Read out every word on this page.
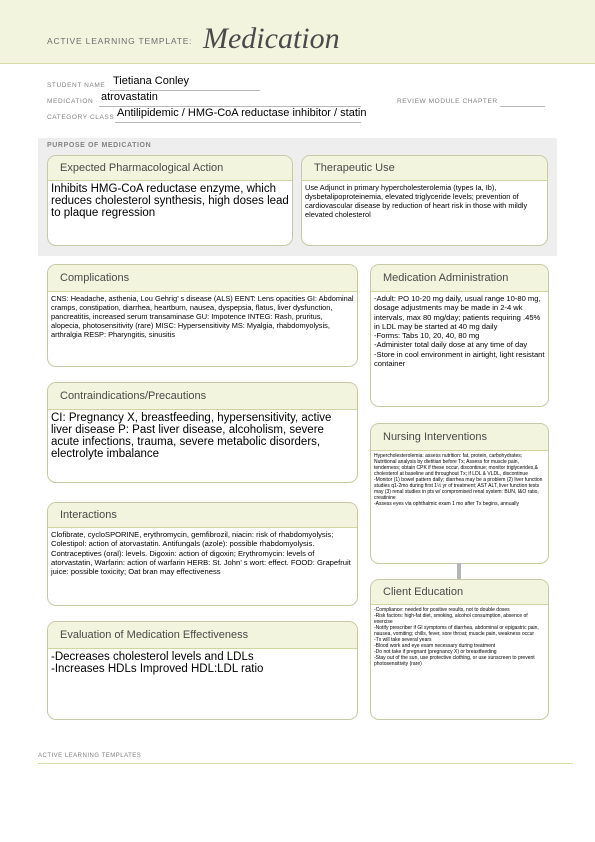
ACTIVE LEARNING TEMPLATE: Medication
STUDENT NAME Tietiana Conley
MEDICATION atrovastatin	REVIEW MODULE CHAPTER
CATEGORY CLASS Antilipidemic / HMG-CoA reductase inhibitor / statin
PURPOSE OF MEDICATION
Expected Pharmacological Action
Inhibits HMG-CoA reductase enzyme, which reduces cholesterol synthesis, high doses lead to plaque regression
Therapeutic Use
Use Adjunct in primary hypercholesterolemia (types Ia, Ib), dysbetalipoproteinemia, elevated triglyceride levels; prevention of cardiovascular disease by reduction of heart risk in those with mildly elevated cholesterol
Complications
CNS: Headache, asthenia, Lou Gehrig’ s disease (ALS) EENT: Lens opacities GI: Abdominal cramps, constipation, diarrhea, heartburn, nausea, dyspepsia, flatus, liver dysfunction, pancreatitis, increased serum transaminase GU: Impotence INTEG: Rash, pruritus, alopecia, photosensitivity (rare) MISC: Hypersensitivity MS: Myalgia, rhabdomyolysis, arthralgia RESP: Pharyngitis, sinusitis
Medication Administration
-Adult: PO 10-20 mg daily, usual range 10-80 mg, dosage adjustments may be made in 2-4 wk intervals, max 80 mg/day; patients requiring .45% in LDL may be started at 40 mg daily
-Forms: Tabs 10, 20, 40, 80 mg
-Administer total daily dose at any time of day
-Store in cool environment in airtight, light resistant container
Contraindications/Precautions
CI: Pregnancy X, breastfeeding, hypersensitivity, active liver disease P: Past liver disease, alcoholism, severe acute infections, trauma, severe metabolic disorders, electrolyte imbalance
Nursing Interventions
Hypercholesterolemia: assess nutrition: fat, protein, carbohydrates; Nutritional analysis by dietitian before Tx; Assess for muscle pain, tenderness; obtain CPK if these occur, discontinue; monitor triglycerides,& cholesterol at baseline and throughout Tx; if LDL & VLDL, discontinue
-Monitor (1) bowel pattern daily; diarrhea may be a problem (2) liver function studies q1-2mo during first 1½ yr of treatment; AST ALT, liver function tests may (3) renal studies in pts w/ compromised renal system: BUN, I&O ratio, creatinine
-Assess eyes via ophthalmic exam 1 mo after Tx begins, annually
Interactions
Clofibrate, cycloSPORINE, erythromycin, gemfibrozil, niacin: risk of rhabdomyolysis; Colestipol: action of atorvastatin. Antifungals (azole): possible rhabdomyolysis. Contraceptives (oral): levels. Digoxin: action of digoxin; Erythromycin: levels of atorvastatin, Warfarin: action of warfarin HERB: St. John’ s wort: effect. FOOD: Grapefruit juice: possible toxicity; Oat bran may effectiveness
Client Education
-Compliance: needed for positive results, not to double doses
-Risk factors: high-fat diet, smoking, alcohol consumption, absence of exercise
-Notify prescriber if GI symptoms of diarrhea, abdominal or epigastric pain, nausea, vomiting; chills, fever, sore throat; muscle pain, weakness occur
-Tx will take several years
-Blood work and eye exam necessary during treatment
-Do not take if pregnant (pregnancy X) or breastfeeding
-Stay out of the sun, use protective clothing, or use sunscreen to prevent photosensitivity (rare)
Evaluation of Medication Effectiveness
-Decreases cholesterol levels and LDLs
-Increases HDLs Improved HDL:LDL ratio
ACTIVE LEARNING TEMPLATES
